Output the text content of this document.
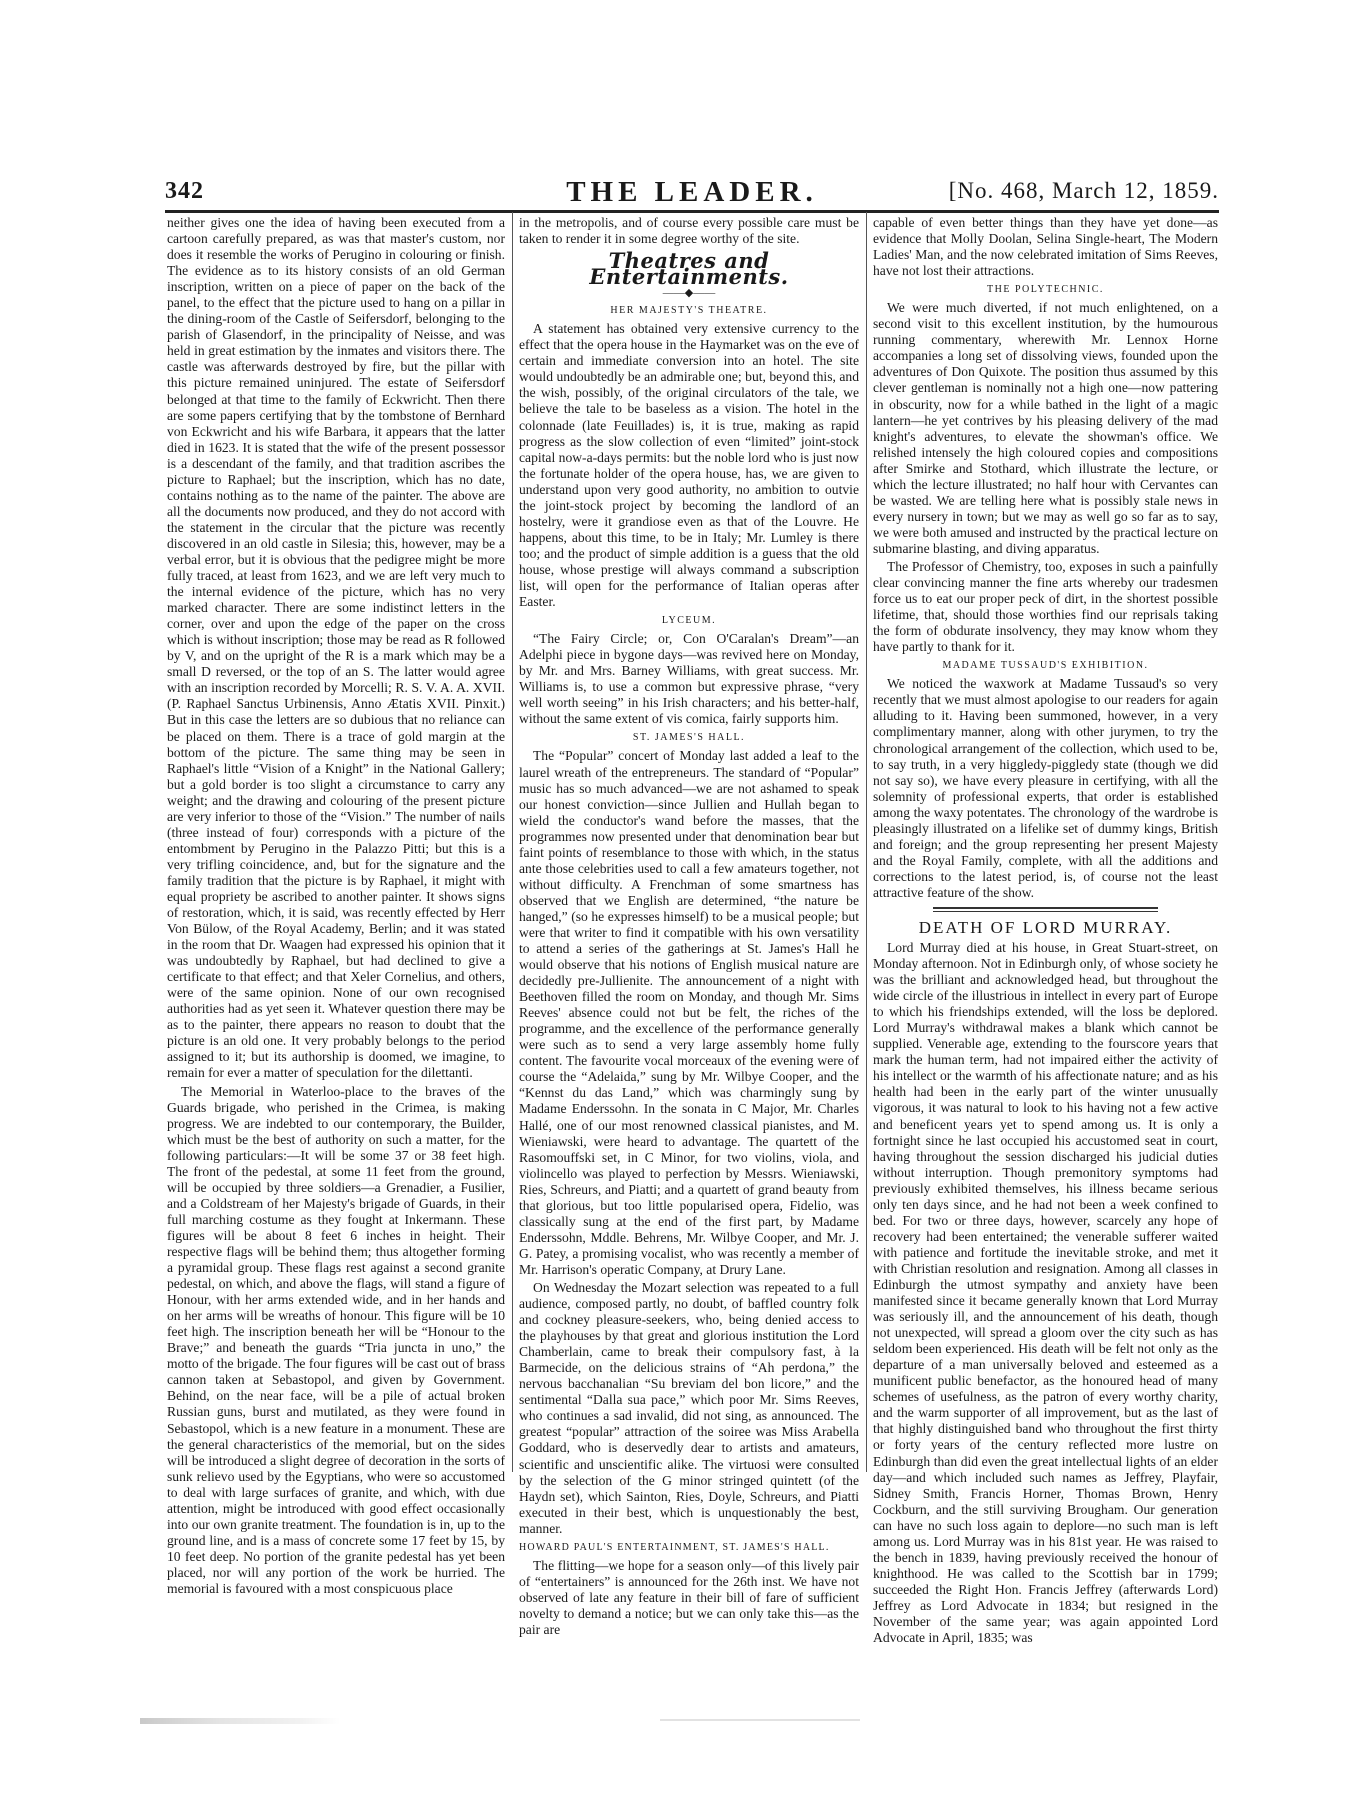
342	THE LEADER.	[No. 468, March 12, 1859.

neither gives one the idea of having been executed from a cartoon carefully prepared, as was that master's custom, nor does it resemble the works of Perugino in colouring or finish. The evidence as to its history consists of an old German inscription, written on a piece of paper on the back of the panel, to the effect that the picture used to hang on a pillar in the dining-room of the Castle of Seifersdorf, belonging to the parish of Glasendorf, in the principality of Neisse, and was held in great estimation by the inmates and visitors there. The castle was afterwards destroyed by fire, but the pillar with this picture remained uninjured. The estate of Seifersdorf belonged at that time to the family of Eckwricht. Then there are some papers certifying that by the tombstone of Bernhard von Eckwricht and his wife Barbara, it appears that the latter died in 1623. It is stated that the wife of the present possessor is a descendant of the family, and that tradition ascribes the picture to Raphael; but the inscription, which has no date, contains nothing as to the name of the painter. The above are all the documents now produced, and they do not accord with the statement in the circular that the picture was recently discovered in an old castle in Silesia; this, however, may be a verbal error, but it is obvious that the pedigree might be more fully traced, at least from 1623, and we are left very much to the internal evidence of the picture, which has no very marked character. There are some indistinct letters in the corner, over and upon the edge of the paper on the cross which is without inscription; those may be read as R followed by V, and on the upright of the R is a mark which may be a small D reversed, or the top of an S. The latter would agree with an inscription recorded by Morcelli; R. S. V. A. A. XVII. (P. Raphael Sanctus Urbinensis, Anno Ætatis XVII. Pinxit.) But in this case the letters are so dubious that no reliance can be placed on them. There is a trace of gold margin at the bottom of the picture. The same thing may be seen in Raphael's little “Vision of a Knight” in the National Gallery; but a gold border is too slight a circumstance to carry any weight; and the drawing and colouring of the present picture are very inferior to those of the “Vision.” The number of nails (three instead of four) corresponds with a picture of the entombment by Perugino in the Palazzo Pitti; but this is a very trifling coincidence, and, but for the signature and the family tradition that the picture is by Raphael, it might with equal propriety be ascribed to another painter. It shows signs of restoration, which, it is said, was recently effected by Herr Von Bülow, of the Royal Academy, Berlin; and it was stated in the room that Dr. Waagen had expressed his opinion that it was undoubtedly by Raphael, but had declined to give a certificate to that effect; and that Xeler Cornelius, and others, were of the same opinion. None of our own recognised authorities had as yet seen it. Whatever question there may be as to the painter, there appears no reason to doubt that the picture is an old one. It very probably belongs to the period assigned to it; but its authorship is doomed, we imagine, to remain for ever a matter of speculation for the dilettanti.

The Memorial in Waterloo-place to the braves of the Guards brigade, who perished in the Crimea, is making progress. We are indebted to our contemporary, the Builder, which must be the best of authority on such a matter, for the following particulars:—It will be some 37 or 38 feet high. The front of the pedestal, at some 11 feet from the ground, will be occupied by three soldiers—a Grenadier, a Fusilier, and a Coldstream of her Majesty's brigade of Guards, in their full marching costume as they fought at Inkermann. These figures will be about 8 feet 6 inches in height. Their respective flags will be behind them; thus altogether forming a pyramidal group. These flags rest against a second granite pedestal, on which, and above the flags, will stand a figure of Honour, with her arms extended wide, and in her hands and on her arms will be wreaths of honour. This figure will be 10 feet high. The inscription beneath her will be “Honour to the Brave;” and beneath the guards “Tria juncta in uno,” the motto of the brigade. The four figures will be cast out of brass cannon taken at Sebastopol, and given by Government. Behind, on the near face, will be a pile of actual broken Russian guns, burst and mutilated, as they were found in Sebastopol, which is a new feature in a monument. These are the general characteristics of the memorial, but on the sides will be introduced a slight degree of decoration in the sorts of sunk relievo used by the Egyptians, who were so accustomed to deal with large surfaces of granite, and which, with due attention, might be introduced with good effect occasionally into our own granite treatment. The foundation is in, up to the ground line, and is a mass of concrete some 17 feet by 15, by 10 feet deep. No portion of the granite pedestal has yet been placed, nor will any portion of the work be hurried. The memorial is favoured with a most conspicuous place

in the metropolis, and of course every possible care must be taken to render it in some degree worthy of the site.

Theatres and Entertainments.
——◆——
HER MAJESTY'S THEATRE.

A statement has obtained very extensive currency to the effect that the opera house in the Haymarket was on the eve of certain and immediate conversion into an hotel. The site would undoubtedly be an admirable one; but, beyond this, and the wish, possibly, of the original circulators of the tale, we believe the tale to be baseless as a vision. The hotel in the colonnade (late Feuillades) is, it is true, making as rapid progress as the slow collection of even “limited” joint-stock capital now-a-days permits: but the noble lord who is just now the fortunate holder of the opera house, has, we are given to understand upon very good authority, no ambition to outvie the joint-stock project by becoming the landlord of an hostelry, were it grandiose even as that of the Louvre. He happens, about this time, to be in Italy; Mr. Lumley is there too; and the product of simple addition is a guess that the old house, whose prestige will always command a subscription list, will open for the performance of Italian operas after Easter.

LYCEUM.

“The Fairy Circle; or, Con O'Caralan's Dream”—an Adelphi piece in bygone days—was revived here on Monday, by Mr. and Mrs. Barney Williams, with great success. Mr. Williams is, to use a common but expressive phrase, “very well worth seeing” in his Irish characters; and his better-half, without the same extent of vis comica, fairly supports him.

ST. JAMES'S HALL.

The “Popular” concert of Monday last added a leaf to the laurel wreath of the entrepreneurs. The standard of “Popular” music has so much advanced—we are not ashamed to speak our honest conviction—since Jullien and Hullah began to wield the conductor's wand before the masses, that the programmes now presented under that denomination bear but faint points of resemblance to those with which, in the status ante those celebrities used to call a few amateurs together, not without difficulty. A Frenchman of some smartness has observed that we English are determined, “the nature be hanged,” (so he expresses himself) to be a musical people; but were that writer to find it compatible with his own versatility to attend a series of the gatherings at St. James's Hall he would observe that his notions of English musical nature are decidedly pre-Jullienite. The announcement of a night with Beethoven filled the room on Monday, and though Mr. Sims Reeves' absence could not but be felt, the riches of the programme, and the excellence of the performance generally were such as to send a very large assembly home fully content. The favourite vocal morceaux of the evening were of course the “Adelaida,” sung by Mr. Wilbye Cooper, and the “Kennst du das Land,” which was charmingly sung by Madame Enderssohn. In the sonata in C Major, Mr. Charles Hallé, one of our most renowned classical pianistes, and M. Wieniawski, were heard to advantage. The quartett of the Rasomouffski set, in C Minor, for two violins, viola, and violincello was played to perfection by Messrs. Wieniawski, Ries, Schreurs, and Piatti; and a quartett of grand beauty from that glorious, but too little popularised opera, Fidelio, was classically sung at the end of the first part, by Madame Enderssohn, Mddle. Behrens, Mr. Wilbye Cooper, and Mr. J. G. Patey, a promising vocalist, who was recently a member of Mr. Harrison's operatic Company, at Drury Lane.

On Wednesday the Mozart selection was repeated to a full audience, composed partly, no doubt, of baffled country folk and cockney pleasure-seekers, who, being denied access to the playhouses by that great and glorious institution the Lord Chamberlain, came to break their compulsory fast, à la Barmecide, on the delicious strains of “Ah perdona,” the nervous bacchanalian “Su breviam del bon licore,” and the sentimental “Dalla sua pace,” which poor Mr. Sims Reeves, who continues a sad invalid, did not sing, as announced. The greatest “popular” attraction of the soiree was Miss Arabella Goddard, who is deservedly dear to artists and amateurs, scientific and unscientific alike. The virtuosi were consulted by the selection of the G minor stringed quintett (of the Haydn set), which Sainton, Ries, Doyle, Schreurs, and Piatti executed in their best, which is unquestionably the best, manner.

HOWARD PAUL'S ENTERTAINMENT, ST. JAMES'S HALL.

The flitting—we hope for a season only—of this lively pair of “entertainers” is announced for the 26th inst. We have not observed of late any feature in their bill of fare of sufficient novelty to demand a notice; but we can only take this—as the pair are

capable of even better things than they have yet done—as evidence that Molly Doolan, Selina Single-heart, The Modern Ladies' Man, and the now celebrated imitation of Sims Reeves, have not lost their attractions.

THE POLYTECHNIC.

We were much diverted, if not much enlightened, on a second visit to this excellent institution, by the humourous running commentary, wherewith Mr. Lennox Horne accompanies a long set of dissolving views, founded upon the adventures of Don Quixote. The position thus assumed by this clever gentleman is nominally not a high one—now pattering in obscurity, now for a while bathed in the light of a magic lantern—he yet contrives by his pleasing delivery of the mad knight's adventures, to elevate the showman's office. We relished intensely the high coloured copies and compositions after Smirke and Stothard, which illustrate the lecture, or which the lecture illustrated; no half hour with Cervantes can be wasted. We are telling here what is possibly stale news in every nursery in town; but we may as well go so far as to say, we were both amused and instructed by the practical lecture on submarine blasting, and diving apparatus.

The Professor of Chemistry, too, exposes in such a painfully clear convincing manner the fine arts whereby our tradesmen force us to eat our proper peck of dirt, in the shortest possible lifetime, that, should those worthies find our reprisals taking the form of obdurate insolvency, they may know whom they have partly to thank for it.

MADAME TUSSAUD'S EXHIBITION.

We noticed the waxwork at Madame Tussaud's so very recently that we must almost apologise to our readers for again alluding to it. Having been summoned, however, in a very complimentary manner, along with other jurymen, to try the chronological arrangement of the collection, which used to be, to say truth, in a very higgledy-piggledy state (though we did not say so), we have every pleasure in certifying, with all the solemnity of professional experts, that order is established among the waxy potentates. The chronology of the wardrobe is pleasingly illustrated on a lifelike set of dummy kings, British and foreign; and the group representing her present Majesty and the Royal Family, complete, with all the additions and corrections to the latest period, is, of course not the least attractive feature of the show.

DEATH OF LORD MURRAY.

Lord Murray died at his house, in Great Stuart-street, on Monday afternoon. Not in Edinburgh only, of whose society he was the brilliant and acknowledged head, but throughout the wide circle of the illustrious in intellect in every part of Europe to which his friendships extended, will the loss be deplored. Lord Murray's withdrawal makes a blank which cannot be supplied. Venerable age, extending to the fourscore years that mark the human term, had not impaired either the activity of his intellect or the warmth of his affectionate nature; and as his health had been in the early part of the winter unusually vigorous, it was natural to look to his having not a few active and beneficent years yet to spend among us. It is only a fortnight since he last occupied his accustomed seat in court, having throughout the session discharged his judicial duties without interruption. Though premonitory symptoms had previously exhibited themselves, his illness became serious only ten days since, and he had not been a week confined to bed. For two or three days, however, scarcely any hope of recovery had been entertained; the venerable sufferer waited with patience and fortitude the inevitable stroke, and met it with Christian resolution and resignation. Among all classes in Edinburgh the utmost sympathy and anxiety have been manifested since it became generally known that Lord Murray was seriously ill, and the announcement of his death, though not unexpected, will spread a gloom over the city such as has seldom been experienced. His death will be felt not only as the departure of a man universally beloved and esteemed as a munificent public benefactor, as the honoured head of many schemes of usefulness, as the patron of every worthy charity, and the warm supporter of all improvement, but as the last of that highly distinguished band who throughout the first thirty or forty years of the century reflected more lustre on Edinburgh than did even the great intellectual lights of an elder day—and which included such names as Jeffrey, Playfair, Sidney Smith, Francis Horner, Thomas Brown, Henry Cockburn, and the still surviving Brougham. Our generation can have no such loss again to deplore—no such man is left among us. Lord Murray was in his 81st year. He was raised to the bench in 1839, having previously received the honour of knighthood. He was called to the Scottish bar in 1799; succeeded the Right Hon. Francis Jeffrey (afterwards Lord) Jeffrey as Lord Advocate in 1834; but resigned in the November of the same year; was again appointed Lord Advocate in April, 1835; was
